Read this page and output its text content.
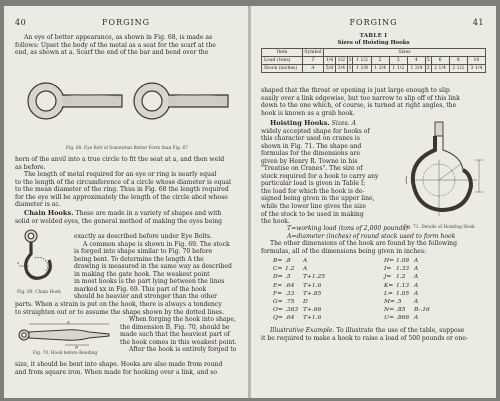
40	FORGING

An eye of better appearance, as shown in Fig. 68, is made as

follows: Upset the body of the metal as a seat for the scarf at the

end, as shown at a. Scarf the end of the bar and bend over the

Fig. 68. Eye Bolt of Somewhat Better Form than Fig. 67

horn of the anvil into a true circle to fit the seat at a, and then weld

as before.

The length of metal required for an eye or ring is nearly equal

to the length of the circumference of a circle whose diameter is equal

to the mean diameter of the ring. Thus in Fig. 68 the length required

for the eye will be approximately the length of the circle abcd whose

diameter is ac.

Chain Hooks. These are made in a variety of shapes and with

solid or welded eyes, the general method of making the eyes being

x
Fig. 69. Chain Hook

exactly as described before under Eye Bolts.

A common shape is shown in Fig. 69. The stock

is forged into shape similar to Fig. 70 before

being bent. To determine the length A the

drawing is measured in the same way as described

in making the gate hook. The weakest point

in most hooks is the part lying between the lines

marked xx in Fig. 69. This part of the hook

should be heavier and stronger than the other

parts. When a strain is put on the hook, there is always a tendency

to straighten out or to assume the shape shown by the dotted lines.

A
B
Fig. 70. Hook before Bending

When forging the hook into shape,

the dimension B, Fig. 70, should be

made such that the heaviest part of

the hook comes in this weakest point.

After the hook is entirely forged to

size, it should be bent into shape. Hooks are also made from round

and from square iron. When made for hooking over a link, and so

FORGING	41
TABLE I
Sizes of Hoisting Hooks
Item	Symbol	Sizes										
Load (tons)	T	1/4	1/2	1	1 1/2	2	3	4	5	6	8	10
Stock (inches)	A	5/8	3/4	1	1 1/8	1 1/4	1 1/2	1 3/4	2	2 1/4	2 1/2	3 1/4

shaped that the throat or opening is just large enough to slip

easily over a link edgewise, but too narrow to slip off of this link

down to the one which, of course, is turned at right angles, the

hook is known as a grab hook.

Hoisting Hooks. Sizes. A

widely accepted shape for hooks of

this character used on cranes is

shown in Fig. 71. The shape and

formulas for the dimensions are

given by Henry R. Towne in his

"Treatise on Cranes". The size of

stock required for a hook to carry any

particular load is given in Table I;

the load for which the hook is de-

signed being given in the upper line,

while the lower line gives the size

of the stock to be used in making

the hook.

Fig. 71. Details of Hoisting Hook

T=working load (tons of 2,000 pounds)

A=diameter (inches) of round stock used to form hook

The other dimensions of the hook are found by the following

formulas, all of the dimensions being given in inches:

B= .8 A
C= 1.2 A
D= .5 T+1.25
E= .64 T+1.6
F= .33 T+.85
G= .75 D
O= .363 T+.66
Q= .64 T+1.6
H= 1.08 A
I= 1.33 A
J= 1.2 A
K= 1.13 A
L= 1.05 A
M= .5 A
N= .85 B-.16
U= .866 A

Illustrative Example. To illustrate the use of the table, suppose

it be required to make a hook to raise a load of 500 pounds or one-
